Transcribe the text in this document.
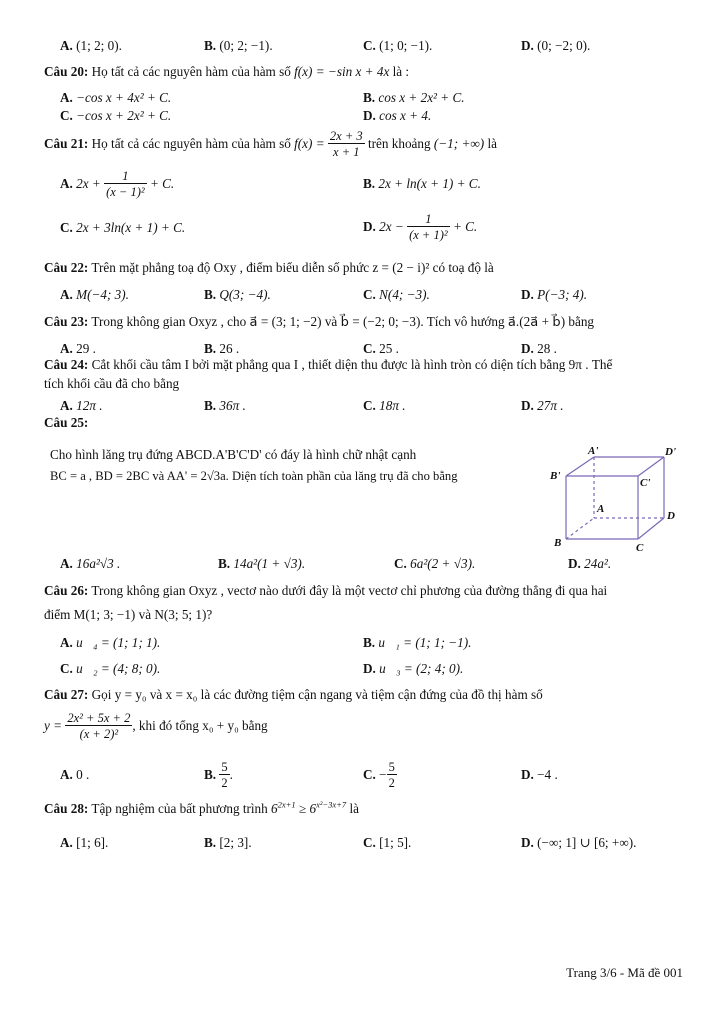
A. (1; 2; 0).	B. (0; 2; −1).	C. (1; 0; −1).	D. (0; −2; 0).
Câu 20: Họ tất cả các nguyên hàm của hàm số f(x) = −sin x + 4x là :
A. −cos x + 4x² + C.	B. cos x + 2x² + C.
C. −cos x + 2x² + C.	D. cos x + 4.
Câu 21: Họ tất cả các nguyên hàm của hàm số $f(x) = \frac{2x + 3}{x + 1}$ trên khoảng (−1; +∞) là
A. $2x + \frac{1}{\text{(x − 1)²}} + C$.	B. 2x + ln(x + 1) + C.
C. 2x + 3ln(x + 1) + C.	D. $2x - \frac{1}{\text{(x + 1)²}} + C$.
Câu 22: Trên mặt phẳng toạ độ Oxy , điểm biểu diễn số phức z = (2 − i)² có toạ độ là
A. M(−4; 3).	B. Q(3; −4).	C. N(4; −3).	D. P(−3; 4).
Câu 23: Trong không gian Oxyz , cho a⃗ = (3; 1; −2) và b⃗ = (−2; 0; −3). Tích vô hướng a⃗.(2a⃗ + b⃗) bằng
A. 29 .	B. 26 .	C. 25 .	D. 28 .
Câu 24: Cắt khối cầu tâm I bởi mặt phẳng qua I , thiết diện thu được là hình tròn có diện tích bằng 9π . Thể
tích khối cầu đã cho bằng
A. 12π .	B. 36π .	C. 18π .	D. 27π .
Câu 25:
Cho hình lăng trụ đứng ABCD.A'B'C'D' có đáy là hình chữ nhật cạnh
BC = a , BD = 2BC và AA' = 2√3a. Diện tích toàn phần của lăng trụ đã cho bằng
A'	D'
B'
C'
A
D
B	C
A. 16a²√3 .	B. 14a²(1 + √3).	C. 6a²(2 + √3).	D. 24a².
Câu 26: Trong không gian Oxyz , vectơ nào dưới đây là một vectơ chỉ phương của đường thẳng đi qua hai
điểm M(1; 3; −1) và N(3; 5; 1)?
A. u⃗₄ = (1; 1; 1).	B. u⃗₁ = (1; 1; −1).
C. u⃗₂ = (4; 8; 0).	D. u⃗₃ = (2; 4; 0).
Câu 27: Gọi y = y₀ và x = x₀ là các đường tiệm cận ngang và tiệm cận đứng của đồ thị hàm số
$y = \frac{\text{2x² + 5x + 2}}{\text{(x + 2)²}}$ , khi đó tổng x₀ + y₀ bằng
A. 0 .	B. $\frac{5}{2}$ .	C. − $\frac{5}{2}$	D. −4 .
Câu 28: Tập nghiệm của bất phương trình $6^{2x+1} \ge 6^{x^2-3x+7}$ là
A. [1; 6].	B. [2; 3].	C. [1; 5].	D. (−∞; 1] ∪ [6; +∞).
Trang 3/6 - Mã đề 001
